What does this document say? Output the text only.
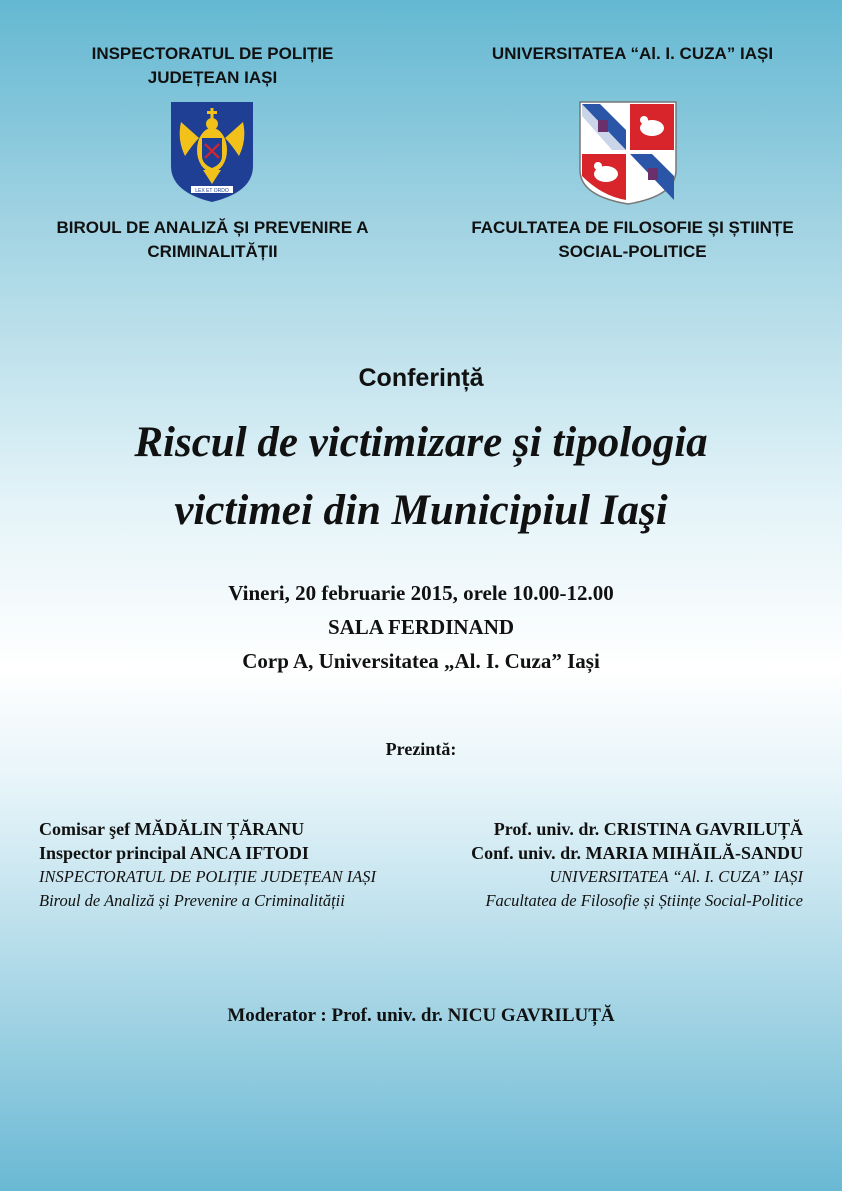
INSPECTORATUL DE POLIȚIE
JUDEȚEAN IAȘI
LEX ET ORDO
BIROUL DE ANALIZĂ ȘI PREVENIRE A
CRIMINALITĂȚII
UNIVERSITATEA “Al. I. CUZA” IAȘI
FACULTATEA DE FILOSOFIE ȘI ȘTIINȚE
SOCIAL-POLITICE
Conferință
Riscul de victimizare și tipologia
victimei din Municipiul Iaşi
Vineri, 20 februarie 2015, orele 10.00-12.00
SALA FERDINAND
Corp A, Universitatea „Al. I. Cuza” Iași
Prezintă:
Comisar şef MĂDĂLIN ȚĂRANU
Inspector principal ANCA IFTODI
INSPECTORATUL DE POLIȚIE JUDEȚEAN IAȘI
Biroul de Analiză și Prevenire a Criminalității
Prof. univ. dr. CRISTINA GAVRILUȚĂ
Conf. univ. dr. MARIA MIHĂILĂ-SANDU
UNIVERSITATEA “Al. I. CUZA” IAȘI
Facultatea de Filosofie și Științe Social-Politice
Moderator : Prof. univ. dr. NICU GAVRILUȚĂ
